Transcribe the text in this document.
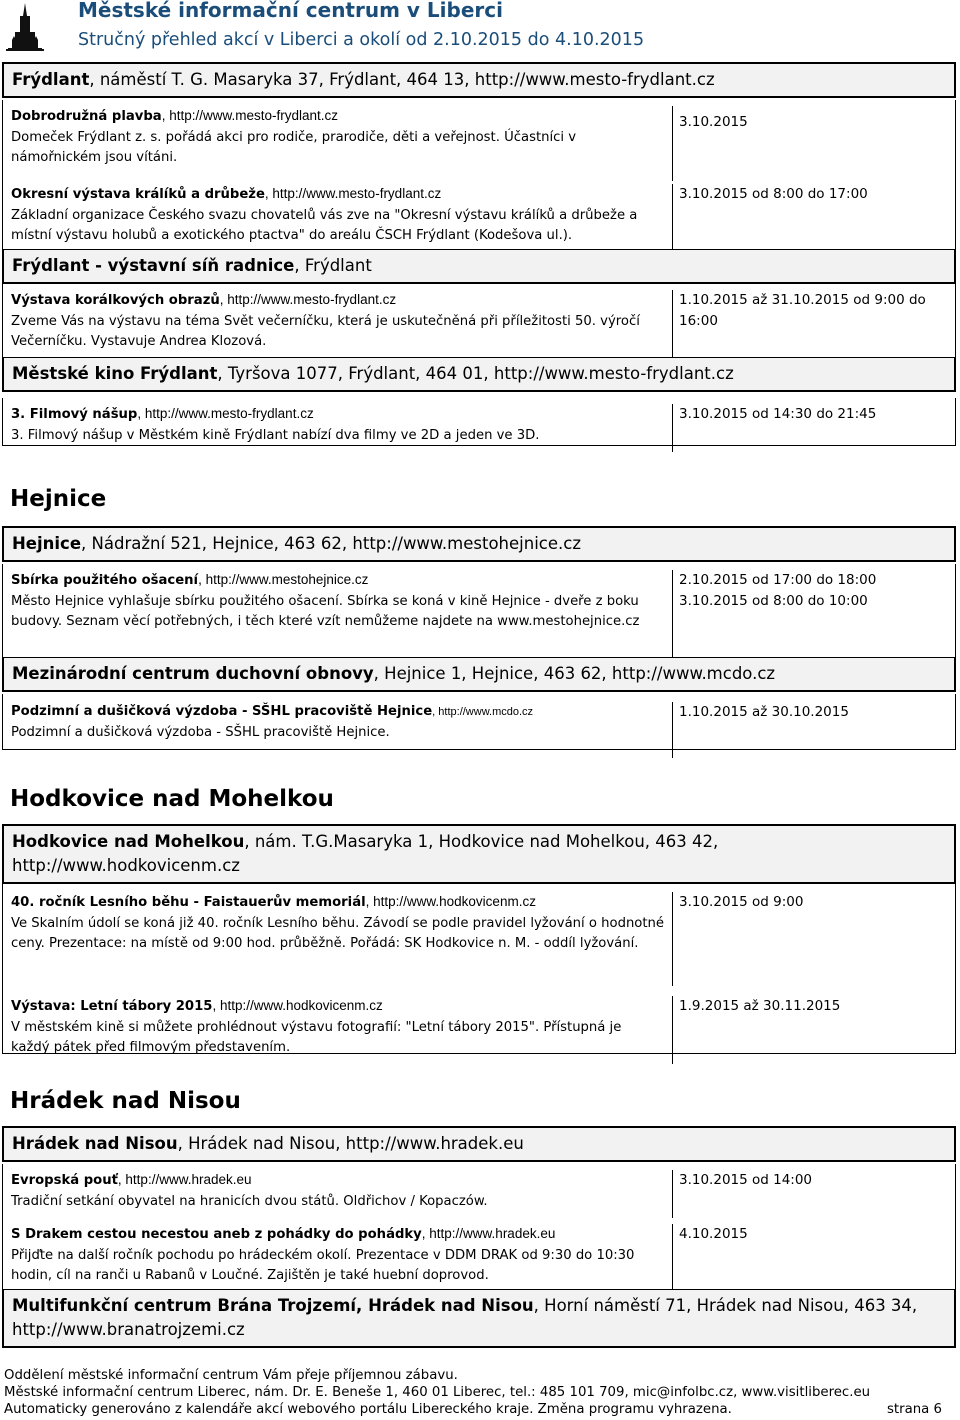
Městské informační centrum v Liberci
Stručný přehled akcí v Liberci a okolí od 2.10.2015 do 4.10.2015
Frýdlant, náměstí T. G. Masaryka 37, Frýdlant, 464 13, http://www.mesto-frydlant.cz
Dobrodružná plavba, http://www.mesto-frydlant.cz
Domeček Frýdlant z. s. pořádá akci pro rodiče, prarodiče, děti a veřejnost. Účastníci v námořnickém jsou vítáni.
3.10.2015
Okresní výstava králíků a drůbeže, http://www.mesto-frydlant.cz
Základní organizace Českého svazu chovatelů vás zve na "Okresní výstavu králíků a drůbeže a místní výstavu holubů a exotického ptactva" do areálu ČSCH Frýdlant (Kodešova ul.).
3.10.2015 od 8:00 do 17:00
Frýdlant - výstavní síň radnice, Frýdlant
Výstava korálkových obrazů, http://www.mesto-frydlant.cz
Zveme Vás na výstavu na téma Svět večerníčku, která je uskutečněná při příležitosti 50. výročí Večerníčku. Vystavuje Andrea Klozová.
1.10.2015 až 31.10.2015 od 9:00 do 16:00
Městské kino Frýdlant, Tyršova 1077, Frýdlant, 464 01, http://www.mesto-frydlant.cz
3. Filmový nášup, http://www.mesto-frydlant.cz
3. Filmový nášup v Městkém kině Frýdlant nabízí dva filmy ve 2D a jeden ve 3D.
3.10.2015 od 14:30 do 21:45
Hejnice
Hejnice, Nádražní 521, Hejnice, 463 62, http://www.mestohejnice.cz
Sbírka použitého ošacení, http://www.mestohejnice.cz
Město Hejnice vyhlašuje sbírku použitého ošacení. Sbírka se koná v kině Hejnice - dveře z boku budovy. Seznam věcí potřebných, i těch které vzít nemůžeme najdete na www.mestohejnice.cz
2.10.2015 od 17:00 do 18:00
3.10.2015 od 8:00 do 10:00
Mezinárodní centrum duchovní obnovy, Hejnice 1, Hejnice, 463 62, http://www.mcdo.cz
Podzimní a dušičková výzdoba - SŠHL pracoviště Hejnice, http://www.mcdo.cz
Podzimní a dušičková výzdoba - SŠHL pracoviště Hejnice.
1.10.2015 až 30.10.2015
Hodkovice nad Mohelkou
Hodkovice nad Mohelkou, nám. T.G.Masaryka 1, Hodkovice nad Mohelkou, 463 42, http://www.hodkovicenm.cz
40. ročník Lesního běhu - Faistauerův memoriál, http://www.hodkovicenm.cz
Ve Skalním údolí se koná již 40. ročník Lesního běhu. Závodí se podle pravidel lyžování o hodnotné ceny. Prezentace: na místě od 9:00 hod. průběžně. Pořádá: SK Hodkovice n. M. - oddíl lyžování.
3.10.2015 od 9:00
Výstava: Letní tábory 2015, http://www.hodkovicenm.cz
V městském kině si můžete prohlédnout výstavu fotografií: "Letní tábory 2015". Přístupná je každý pátek před filmovým představením.
1.9.2015 až 30.11.2015
Hrádek nad Nisou
Hrádek nad Nisou, Hrádek nad Nisou, http://www.hradek.eu
Evropská pouť, http://www.hradek.eu
Tradiční setkání obyvatel na hranicích dvou států. Oldřichov / Kopaczów.
3.10.2015 od 14:00
S Drakem cestou necestou aneb z pohádky do pohádky, http://www.hradek.eu
Přijďte na další ročník pochodu po hrádeckém okolí. Prezentace v DDM DRAK od 9:30 do 10:30 hodin, cíl na ranči u Rabanů v Loučné. Zajištěn je také huební doprovod.
4.10.2015
Multifunkční centrum Brána Trojzemí, Hrádek nad Nisou, Horní náměstí 71, Hrádek nad Nisou, 463 34, http://www.branatrojzemi.cz
Oddělení městské informační centrum Vám přeje příjemnou zábavu.
Městské informační centrum Liberec, nám. Dr. E. Beneše 1, 460 01 Liberec, tel.: 485 101 709, mic@infolbc.cz, www.visitliberec.eu
Automaticky generováno z kalendáře akcí webového portálu Libereckého kraje. Změna programu vyhrazena.	strana 6
